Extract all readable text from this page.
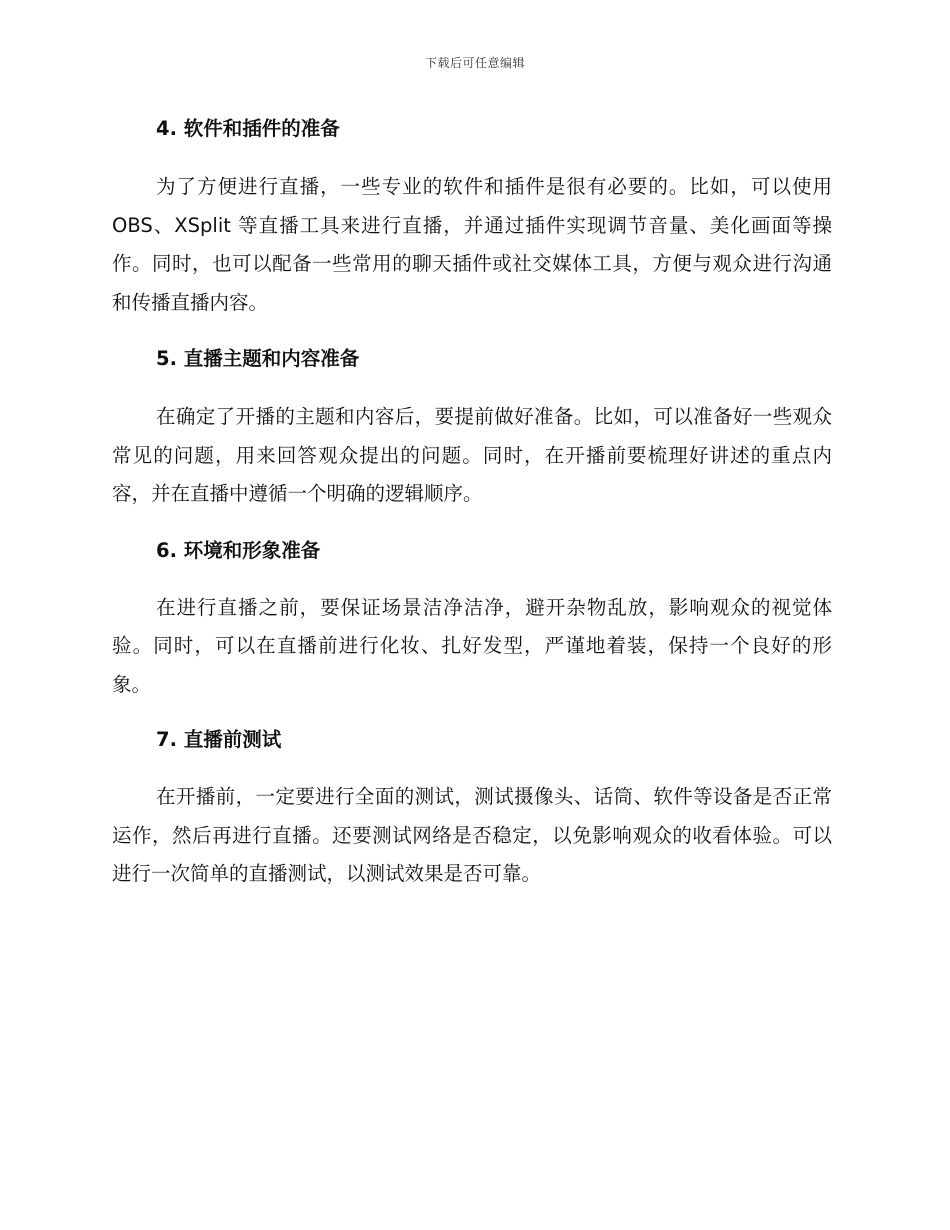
下载后可任意编辑
4. 软件和插件的准备

为了方便进行直播，一些专业的软件和插件是很有必要的。比如，可以使用 OBS、XSplit 等直播工具来进行直播，并通过插件实现调节音量、美化画面等操作。同时，也可以配备一些常用的聊天插件或社交媒体工具，方便与观众进行沟通和传播直播内容。

5. 直播主题和内容准备

在确定了开播的主题和内容后，要提前做好准备。比如，可以准备好一些观众常见的问题，用来回答观众提出的问题。同时，在开播前要梳理好讲述的重点内容，并在直播中遵循一个明确的逻辑顺序。

6. 环境和形象准备

在进行直播之前，要保证场景洁净洁净，避开杂物乱放，影响观众的视觉体验。同时，可以在直播前进行化妆、扎好发型，严谨地着装，保持一个良好的形象。

7. 直播前测试

在开播前，一定要进行全面的测试，测试摄像头、话筒、软件等设备是否正常运作，然后再进行直播。还要测试网络是否稳定，以免影响观众的收看体验。可以进行一次简单的直播测试，以测试效果是否可靠。
